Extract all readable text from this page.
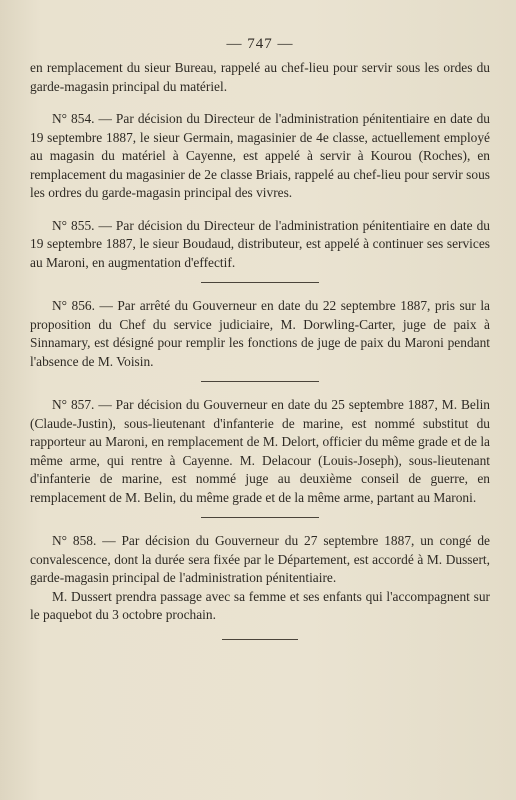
— 747 —

en remplacement du sieur Bureau, rappelé au chef-lieu pour servir sous les ordes du garde-magasin principal du matériel.

N° 854. — Par décision du Directeur de l'administration pénitentiaire en date du 19 septembre 1887, le sieur Germain, magasinier de 4e classe, actuellement employé au magasin du matériel à Cayenne, est appelé à servir à Kourou (Roches), en remplacement du magasinier de 2e classe Briais, rappelé au chef-lieu pour servir sous les ordres du garde-magasin principal des vivres.

N° 855. — Par décision du Directeur de l'administration pénitentiaire en date du 19 septembre 1887, le sieur Boudaud, distributeur, est appelé à continuer ses services au Maroni, en augmentation d'effectif.

N° 856. — Par arrêté du Gouverneur en date du 22 septembre 1887, pris sur la proposition du Chef du service judiciaire, M. Dorwling-Carter, juge de paix à Sinnamary, est désigné pour remplir les fonctions de juge de paix du Maroni pendant l'absence de M. Voisin.

N° 857. — Par décision du Gouverneur en date du 25 septembre 1887, M. Belin (Claude-Justin), sous-lieutenant d'infanterie de marine, est nommé substitut du rapporteur au Maroni, en remplacement de M. Delort, officier du même grade et de la même arme, qui rentre à Cayenne. M. Delacour (Louis-Joseph), sous-lieutenant d'infanterie de marine, est nommé juge au deuxième conseil de guerre, en remplacement de M. Belin, du même grade et de la même arme, partant au Maroni.

N° 858. — Par décision du Gouverneur du 27 septembre 1887, un congé de convalescence, dont la durée sera fixée par le Département, est accordé à M. Dussert, garde-magasin principal de l'administration pénitentiaire.

M. Dussert prendra passage avec sa femme et ses enfants qui l'accompagnent sur le paquebot du 3 octobre prochain.
